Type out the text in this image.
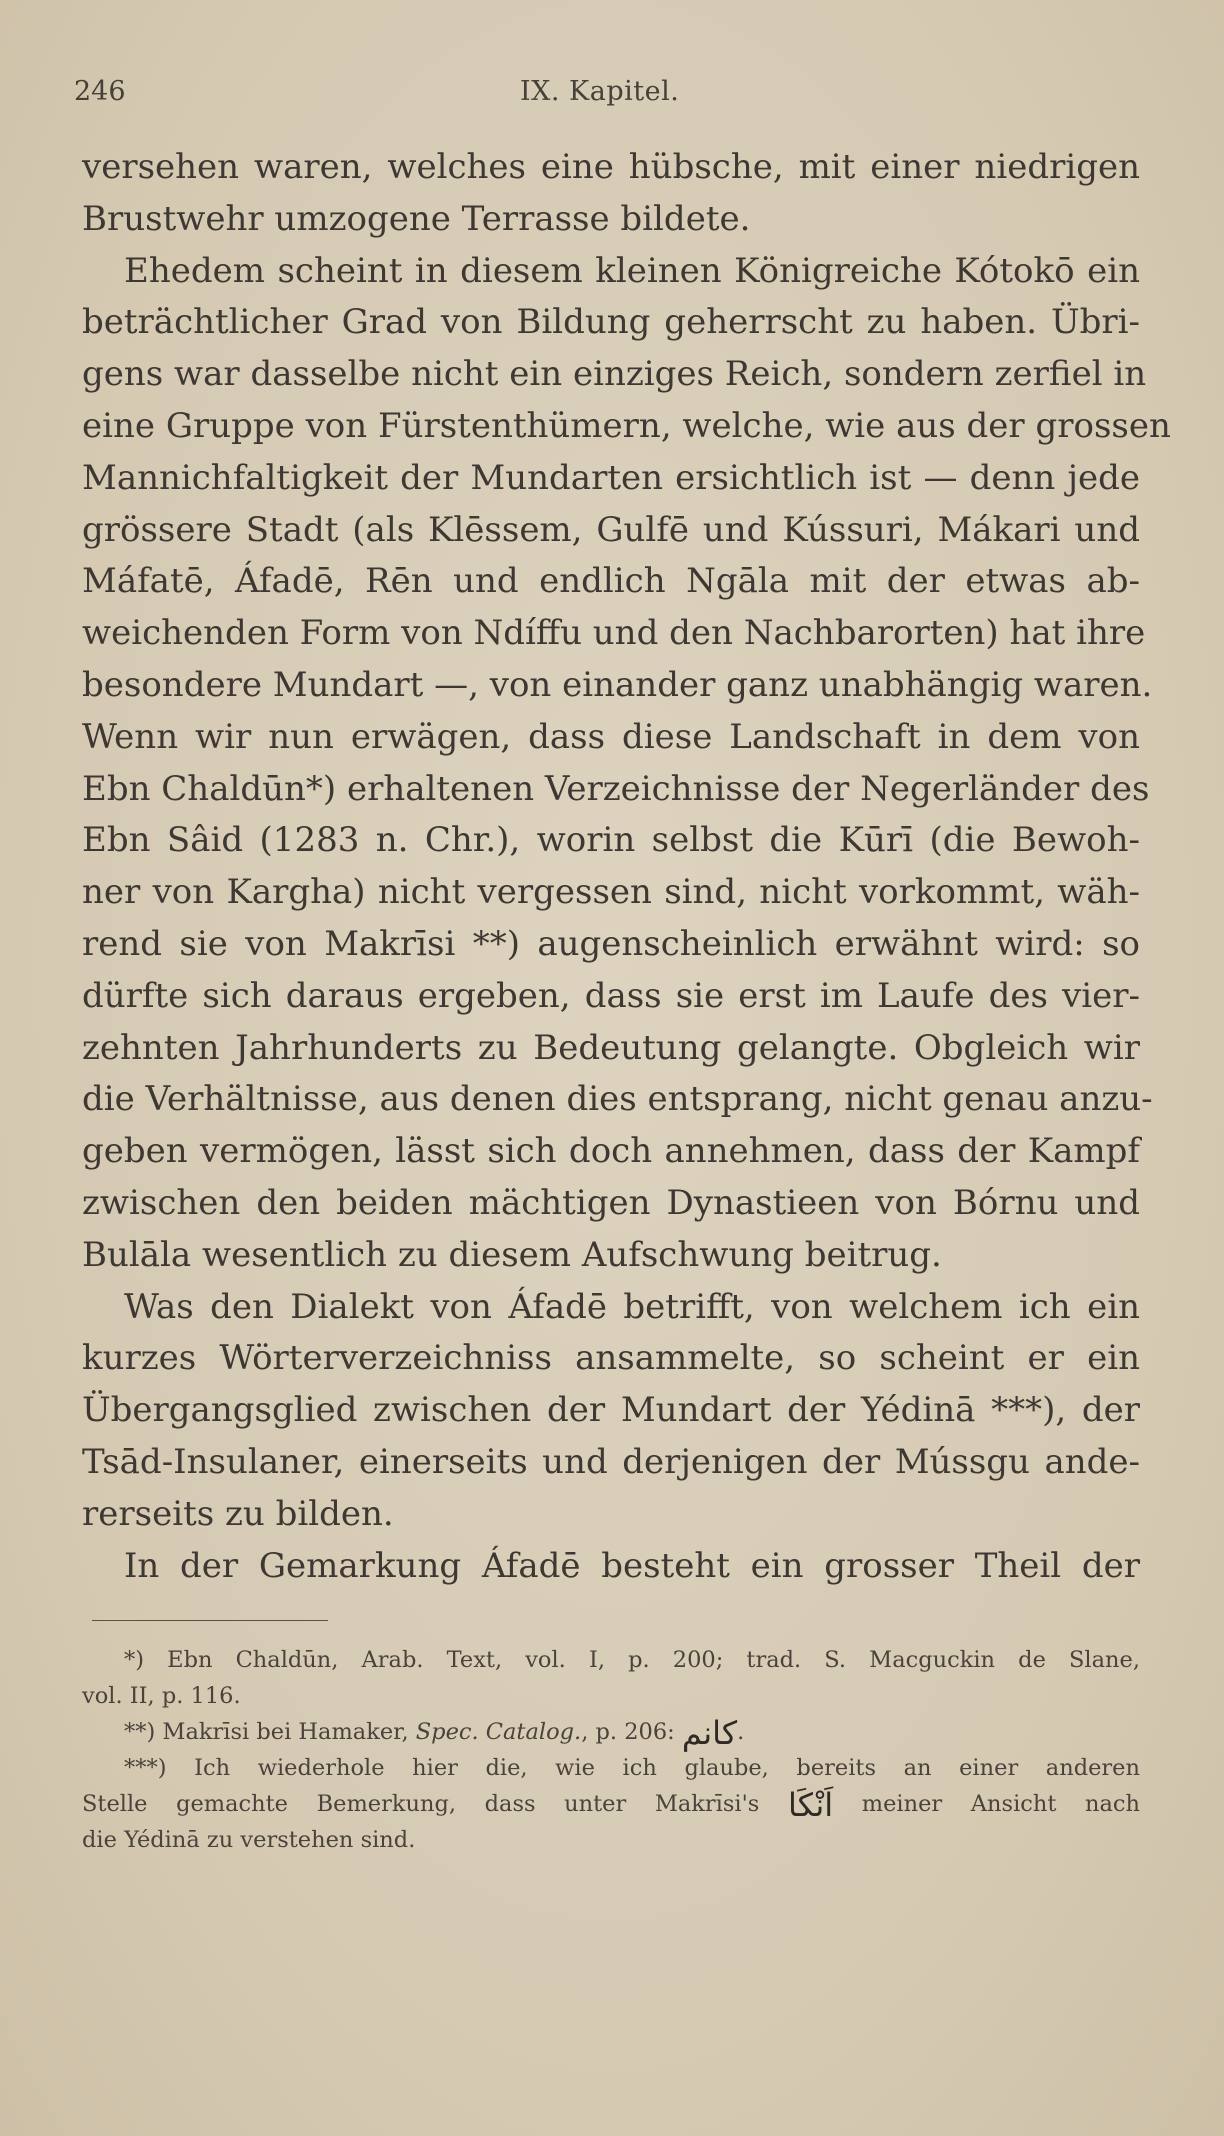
246	IX. Kapitel.
versehen waren, welches eine hübsche, mit einer niedrigen
Brustwehr umzogene Terrasse bildete.
Ehedem scheint in diesem kleinen Königreiche Kótokō ein
beträchtlicher Grad von Bildung geherrscht zu haben. Übri-
gens war dasselbe nicht ein einziges Reich, sondern zerfiel in
eine Gruppe von Fürstenthümern, welche, wie aus der grossen
Mannichfaltigkeit der Mundarten ersichtlich ist — denn jede
grössere Stadt (als Klēssem, Gulfē und Kússuri, Mákari und
Máfatē, Áfadē, Rēn und endlich Ngāla mit der etwas ab-
weichenden Form von Ndíffu und den Nachbarorten) hat ihre
besondere Mundart —, von einander ganz unabhängig waren.
Wenn wir nun erwägen, dass diese Landschaft in dem von
Ebn Chaldūn*) erhaltenen Verzeichnisse der Negerländer des
Ebn Sâid (1283 n. Chr.), worin selbst die Kūrī (die Bewoh-
ner von Kargha) nicht vergessen sind, nicht vorkommt, wäh-
rend sie von Makrīsi **) augenscheinlich erwähnt wird: so
dürfte sich daraus ergeben, dass sie erst im Laufe des vier-
zehnten Jahrhunderts zu Bedeutung gelangte. Obgleich wir
die Verhältnisse, aus denen dies entsprang, nicht genau anzu-
geben vermögen, lässt sich doch annehmen, dass der Kampf
zwischen den beiden mächtigen Dynastieen von Bórnu und
Bulāla wesentlich zu diesem Aufschwung beitrug.
Was den Dialekt von Áfadē betrifft, von welchem ich ein
kurzes Wörterverzeichniss ansammelte, so scheint er ein
Übergangsglied zwischen der Mundart der Yédinā ***), der
Tsād-Insulaner, einerseits und derjenigen der Mússgu ande-
rerseits zu bilden.
In der Gemarkung Áfadē besteht ein grosser Theil der
*) Ebn Chaldūn, Arab. Text, vol. I, p. 200; trad. S. Macguckin de Slane,
vol. II, p. 116.
**) Makrīsi bei Hamaker, Spec. Catalog., p. 206: كانم.
***) Ich wiederhole hier die, wie ich glaube, bereits an einer anderen
Stelle gemachte Bemerkung, dass unter Makrīsi's اَنْكَا meiner Ansicht nach
die Yédinā zu verstehen sind.
